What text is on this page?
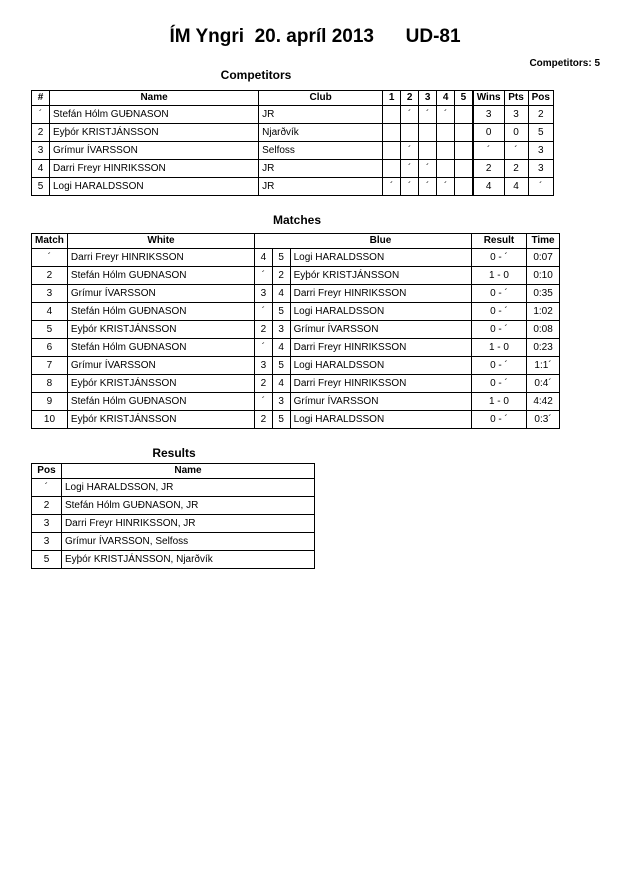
ÍM Yngri  20. apríl 2013      UD-81
Competitors: 5
Competitors
#	Name	Club	1	2	3	4	5	Wins	Pts	Pos
´	Stefán Hólm GUÐNASON	JR		´	´	´		3	3	2
2	Eyþór KRISTJÁNSSON	Njarðvík						0	0	5
3	Grímur ÍVARSSON	Selfoss		´				´	´	3
4	Darri Freyr HINRIKSSON	JR		´	´			2	2	3
5	Logi HARALDSSON	JR	´	´	´	´		4	4	´
Matches
Match	White			Blue	Result	Time
´	Darri Freyr HINRIKSSON	4	5	Logi HARALDSSON	0 - ´	0:07
2	Stefán Hólm GUÐNASON	´	2	Eyþór KRISTJÁNSSON	1 - 0	0:10
3	Grímur ÍVARSSON	3	4	Darri Freyr HINRIKSSON	0 - ´	0:35
4	Stefán Hólm GUÐNASON	´	5	Logi HARALDSSON	0 - ´	1:02
5	Eyþór KRISTJÁNSSON	2	3	Grímur ÍVARSSON	0 - ´	0:08
6	Stefán Hólm GUÐNASON	´	4	Darri Freyr HINRIKSSON	1 - 0	0:23
7	Grímur ÍVARSSON	3	5	Logi HARALDSSON	0 - ´	1:1´
8	Eyþór KRISTJÁNSSON	2	4	Darri Freyr HINRIKSSON	0 - ´	0:4´
9	Stefán Hólm GUÐNASON	´	3	Grímur ÍVARSSON	1 - 0	4:42
10	Eyþór KRISTJÁNSSON	2	5	Logi HARALDSSON	0 - ´	0:3´
Results
Pos	Name
´	Logi HARALDSSON, JR
2	Stefán Hólm GUÐNASON, JR
3	Darri Freyr HINRIKSSON, JR
3	Grímur ÍVARSSON, Selfoss
5	Eyþór KRISTJÁNSSON, Njarðvík
